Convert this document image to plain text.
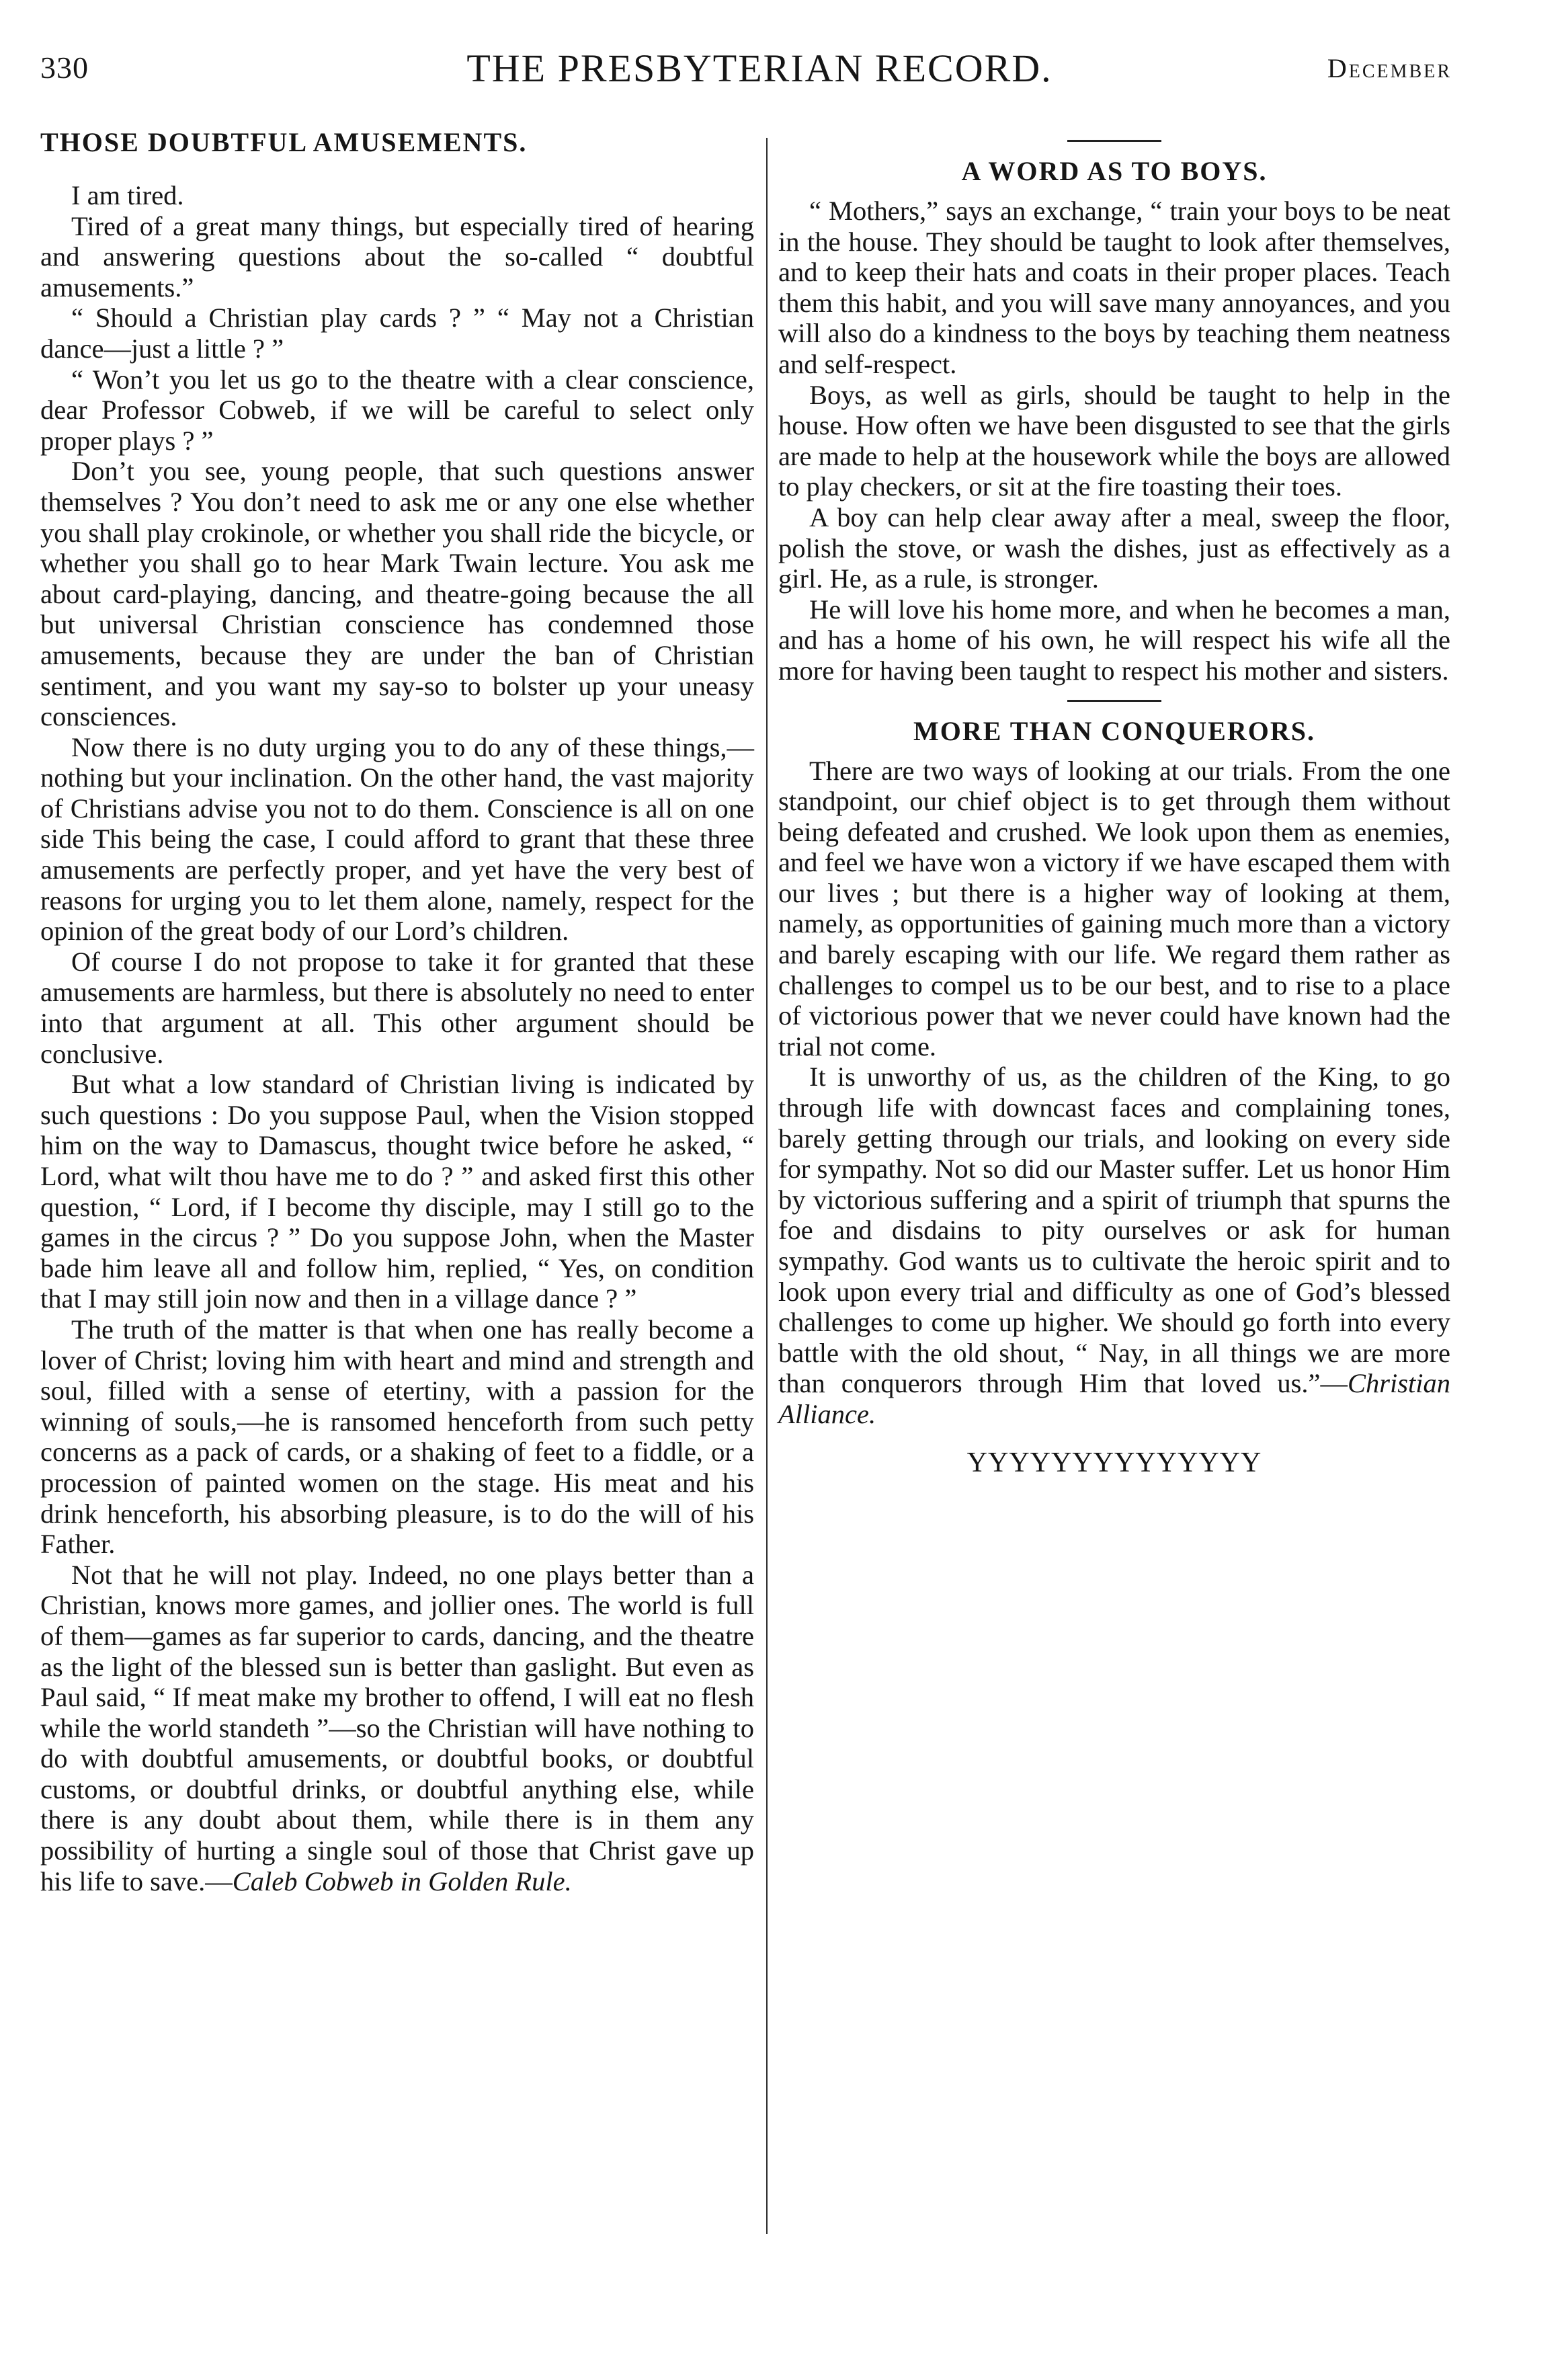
330	THE PRESBYTERIAN RECORD.	December
THOSE DOUBTFUL AMUSEMENTS.

I am tired.

Tired of a great many things, but especially tired of hearing and answering questions about the so-called “ doubtful amusements.”

“ Should a Christian play cards ? ” “ May not a Christian dance—just a little ? ”

“ Won’t you let us go to the theatre with a clear conscience, dear Professor Cobweb, if we will be careful to select only proper plays ? ”

Don’t you see, young people, that such questions answer themselves ? You don’t need to ask me or any one else whether you shall play crokinole, or whether you shall ride the bicycle, or whether you shall go to hear Mark Twain lecture. You ask me about card-playing, dancing, and theatre-going because the all but universal Christian conscience has condemned those amusements, because they are under the ban of Christian sentiment, and you want my say-so to bolster up your uneasy consciences.

Now there is no duty urging you to do any of these things,—nothing but your inclination. On the other hand, the vast majority of Christians advise you not to do them. Conscience is all on one side This being the case, I could afford to grant that these three amusements are perfectly proper, and yet have the very best of reasons for urging you to let them alone, namely, respect for the opinion of the great body of our Lord’s children.

Of course I do not propose to take it for granted that these amusements are harmless, but there is absolutely no need to enter into that argument at all. This other argument should be conclusive.

But what a low standard of Christian living is indicated by such questions : Do you suppose Paul, when the Vision stopped him on the way to Damascus, thought twice before he asked, “ Lord, what wilt thou have me to do ? ” and asked first this other question, “ Lord, if I become thy disciple, may I still go to the games in the circus ? ” Do you suppose John, when the Master bade him leave all and follow him, replied, “ Yes, on condition that I may still join now and then in a village dance ? ”

The truth of the matter is that when one has really become a lover of Christ; loving him with heart and mind and strength and soul, filled with a sense of etertiny, with a passion for the winning of souls,—he is ransomed henceforth from such petty concerns as a pack of cards, or a shaking of feet to a fiddle, or a procession of painted women on the stage. His meat and his drink henceforth, his absorbing pleasure, is to do the will of his Father.

Not that he will not play. Indeed, no one plays better than a Christian, knows more games, and jollier ones. The world is full of them—games as far superior to cards, dancing, and the theatre as the light of the blessed sun is better than gaslight. But even as Paul said, “ If meat make my brother to offend, I will eat no flesh while the world standeth ”—so the Christian will have nothing to do with doubtful amusements, or doubtful books, or doubtful customs, or doubtful drinks, or doubtful anything else, while there is any doubt about them, while there is in them any possibility of hurting a single soul of those that Christ gave up his life to save.—Caleb Cobweb in Golden Rule.

A WORD AS TO BOYS.

“ Mothers,” says an exchange, “ train your boys to be neat in the house. They should be taught to look after themselves, and to keep their hats and coats in their proper places. Teach them this habit, and you will save many annoyances, and you will also do a kindness to the boys by teaching them neatness and self-respect.

Boys, as well as girls, should be taught to help in the house. How often we have been disgusted to see that the girls are made to help at the housework while the boys are allowed to play checkers, or sit at the fire toasting their toes.

A boy can help clear away after a meal, sweep the floor, polish the stove, or wash the dishes, just as effectively as a girl. He, as a rule, is stronger.

He will love his home more, and when he becomes a man, and has a home of his own, he will respect his wife all the more for having been taught to respect his mother and sisters.

MORE THAN CONQUERORS.

There are two ways of looking at our trials. From the one standpoint, our chief object is to get through them without being defeated and crushed. We look upon them as enemies, and feel we have won a victory if we have escaped them with our lives ; but there is a higher way of looking at them, namely, as opportunities of gaining much more than a victory and barely escaping with our life. We regard them rather as challenges to compel us to be our best, and to rise to a place of victorious power that we never could have known had the trial not come.

It is unworthy of us, as the children of the King, to go through life with downcast faces and complaining tones, barely getting through our trials, and looking on every side for sympathy. Not so did our Master suffer. Let us honor Him by victorious suffering and a spirit of triumph that spurns the foe and disdains to pity ourselves or ask for human sympathy. God wants us to cultivate the heroic spirit and to look upon every trial and difficulty as one of God’s blessed challenges to come up higher. We should go forth into every battle with the old shout, “ Nay, in all things we are more than conquerors through Him that loved us.”—Christian Alliance.

YYYYYYYYYYYYYY
